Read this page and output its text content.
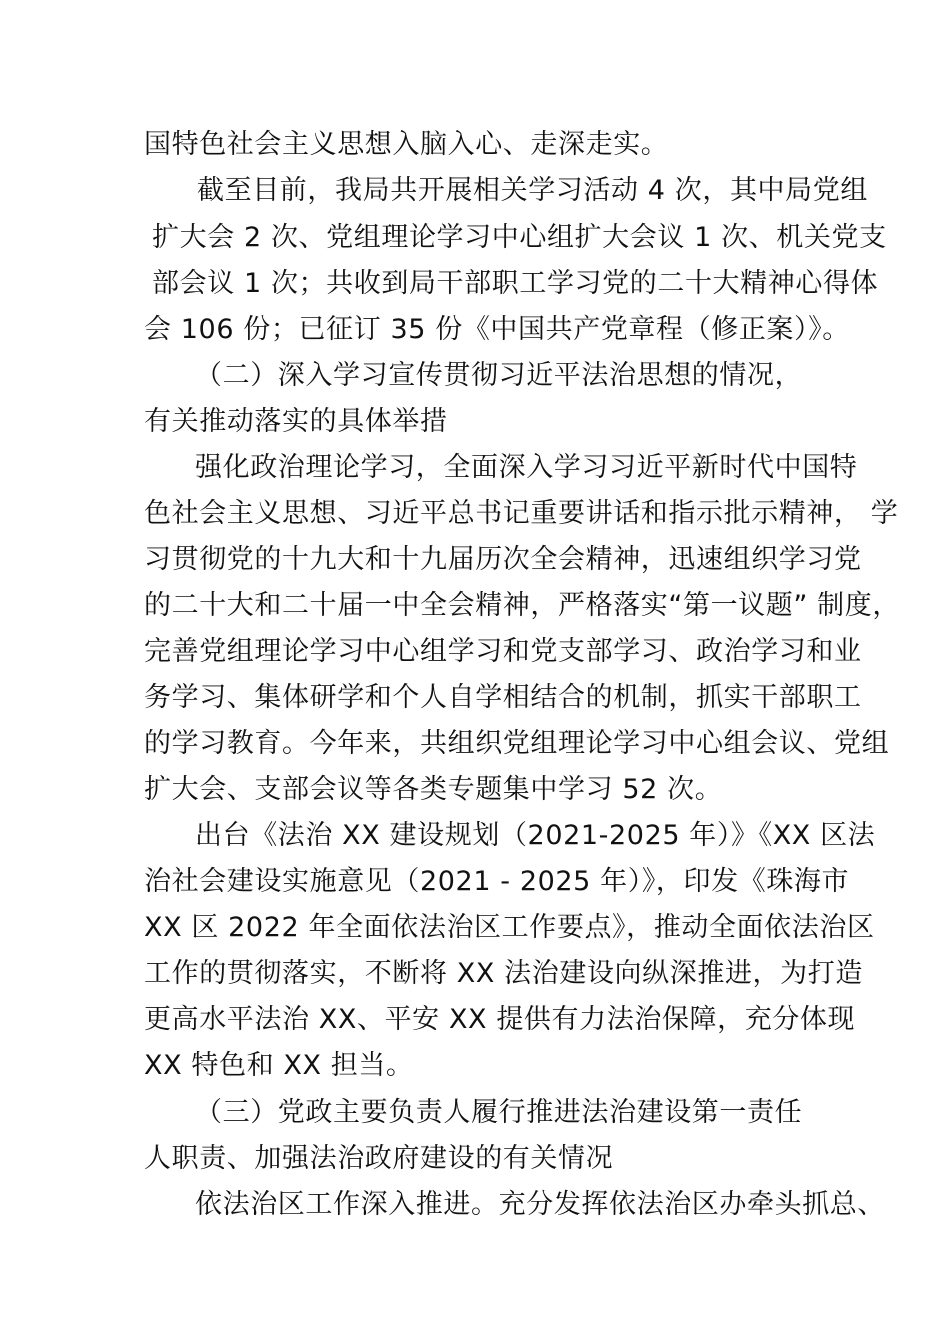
国特色社会主义思想入脑入心、走深走实。
截至目前，我局共开展相关学习活动 4 次，其中局党组
扩大会 2 次、党组理论学习中心组扩大会议 1 次、机关党支
部会议 1 次；共收到局干部职工学习党的二十大精神心得体
会 106 份；已征订 35 份《中国共产党章程（修正案）》。
（二）深入学习宣传贯彻习近平法治思想的情况，
有关推动落实的具体举措
强化政治理论学习，全面深入学习习近平新时代中国特
色社会主义思想、习近平总书记重要讲话和指示批示精神， 学
习贯彻党的十九大和十九届历次全会精神，迅速组织学习党
的二十大和二十届一中全会精神，严格落实“第一议题” 制度，
完善党组理论学习中心组学习和党支部学习、政治学习和业
务学习、集体研学和个人自学相结合的机制，抓实干部职工
的学习教育。今年来，共组织党组理论学习中心组会议、党组
扩大会、支部会议等各类专题集中学习 52 次。
出台《法治 XX 建设规划（2021-2025 年）》《XX 区法
治社会建设实施意见（2021 - 2025 年）》，印发《珠海市
XX 区 2022 年全面依法治区工作要点》，推动全面依法治区
工作的贯彻落实，不断将 XX 法治建设向纵深推进，为打造
更高水平法治 XX、平安 XX 提供有力法治保障，充分体现
XX 特色和 XX 担当。
（三）党政主要负责人履行推进法治建设第一责任
人职责、加强法治政府建设的有关情况
依法治区工作深入推进。充分发挥依法治区办牵头抓总、
